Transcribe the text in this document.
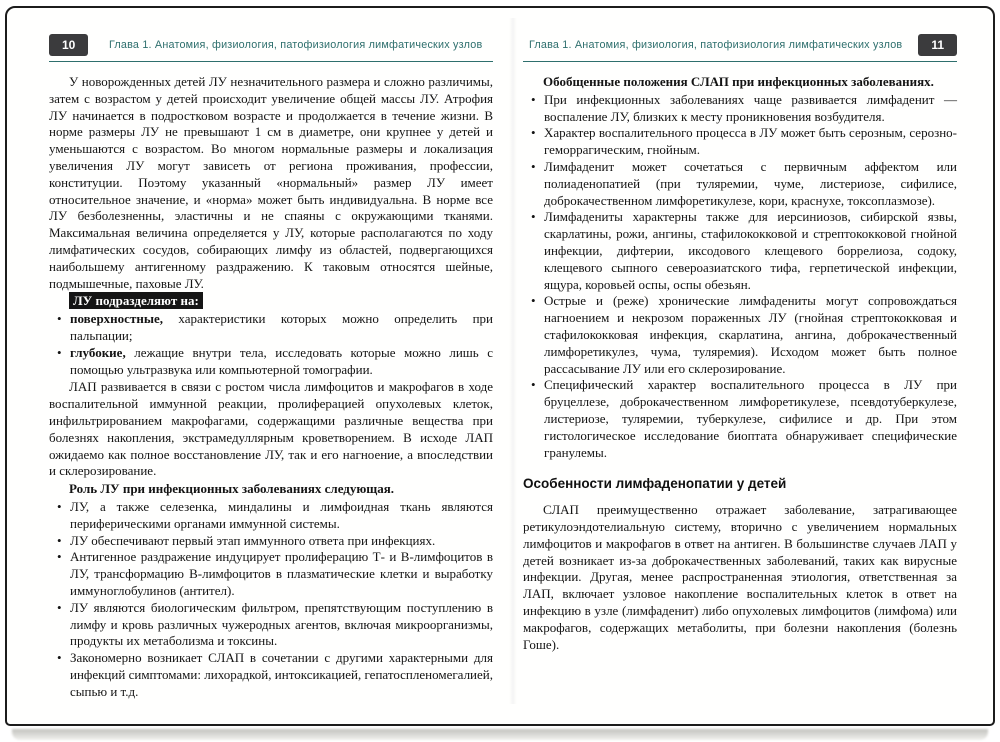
10	Глава 1. Анатомия, физиология, патофизиология лимфатических узлов

У новорожденных детей ЛУ незначительного размера и сложно различимы, затем с возрастом у детей происходит увеличение общей массы ЛУ. Атрофия ЛУ начинается в подростковом возрасте и продолжается в течение жизни. В норме размеры ЛУ не превышают 1 см в диаметре, они крупнее у детей и уменьшаются с возрастом. Во многом нормальные размеры и локализация увеличения ЛУ могут зависеть от региона проживания, профессии, конституции. Поэтому указанный «нормальный» размер ЛУ имеет относительное значение, и «норма» может быть индивидуальна. В норме все ЛУ безболезненны, эластичны и не спаяны с окружающими тканями. Максимальная величина определяется у ЛУ, которые располагаются по ходу лимфатических сосудов, собирающих лимфу из областей, подвергающихся наибольшему антигенному раздражению. К таковым относятся шейные, подмышечные, паховые ЛУ.

ЛУ подразделяют на:

• поверхностные, характеристики которых можно определить при пальпации;
• глубокие, лежащие внутри тела, исследовать которые можно лишь с помощью ультразвука или компьютерной томографии.

ЛАП развивается в связи с ростом числа лимфоцитов и макрофагов в ходе воспалительной иммунной реакции, пролиферацией опухолевых клеток, инфильтрированием макрофагами, содержащими различные вещества при болезнях накопления, экстрамедуллярным кроветворением. В исходе ЛАП ожидаемо как полное восстановление ЛУ, так и его нагноение, а впоследствии и склерозирование.

Роль ЛУ при инфекционных заболеваниях следующая.

• ЛУ, а также селезенка, миндалины и лимфоидная ткань являются периферическими органами иммунной системы.
• ЛУ обеспечивают первый этап иммунного ответа при инфекциях.
• Антигенное раздражение индуцирует пролиферацию Т- и В-лимфоцитов в ЛУ, трансформацию В-лимфоцитов в плазматические клетки и выработку иммуноглобулинов (антител).
• ЛУ являются биологическим фильтром, препятствующим поступлению в лимфу и кровь различных чужеродных агентов, включая микроорганизмы, продукты их метаболизма и токсины.
• Закономерно возникает СЛАП в сочетании с другими характерными для инфекций симптомами: лихорадкой, интоксикацией, гепатоспленомегалией, сыпью и т.д.
Глава 1. Анатомия, физиология, патофизиология лимфатических узлов	11

Обобщенные положения СЛАП при инфекционных заболеваниях.

• При инфекционных заболеваниях чаще развивается лимфаденит — воспаление ЛУ, близких к месту проникновения возбудителя.
• Характер воспалительного процесса в ЛУ может быть серозным, серозно-геморрагическим, гнойным.
• Лимфаденит может сочетаться с первичным аффектом или полиаденопатией (при туляремии, чуме, листериозе, сифилисе, доброкачественном лимфоретикулезе, кори, краснухе, токсоплазмозе).
• Лимфадениты характерны также для иерсиниозов, сибирской язвы, скарлатины, рожи, ангины, стафилококковой и стрептококковой гнойной инфекции, дифтерии, иксодового клещевого боррелиоза, содоку, клещевого сыпного североазиатского тифа, герпетической инфекции, ящура, коровьей оспы, оспы обезьян.
• Острые и (реже) хронические лимфадениты могут сопровождаться нагноением и некрозом пораженных ЛУ (гнойная стрептококковая и стафилококковая инфекция, скарлатина, ангина, доброкачественный лимфоретикулез, чума, туляремия). Исходом может быть полное рассасывание ЛУ или его склерозирование.
• Специфический характер воспалительного процесса в ЛУ при бруцеллезе, доброкачественном лимфоретикулезе, псевдотуберкулезе, листериозе, туляремии, туберкулезе, сифилисе и др. При этом гистологическое исследование биоптата обнаруживает специфические гранулемы.
Особенности лимфаденопатии у детей

СЛАП преимущественно отражает заболевание, затрагивающее ретикулоэндотелиальную систему, вторично с увеличением нормальных лимфоцитов и макрофагов в ответ на антиген. В большинстве случаев ЛАП у детей возникает из-за доброкачественных заболеваний, таких как вирусные инфекции. Другая, менее распространенная этиология, ответственная за ЛАП, включает узловое накопление воспалительных клеток в ответ на инфекцию в узле (лимфаденит) либо опухолевых лимфоцитов (лимфома) или макрофагов, содержащих метаболиты, при болезни накопления (болезнь Гоше).
